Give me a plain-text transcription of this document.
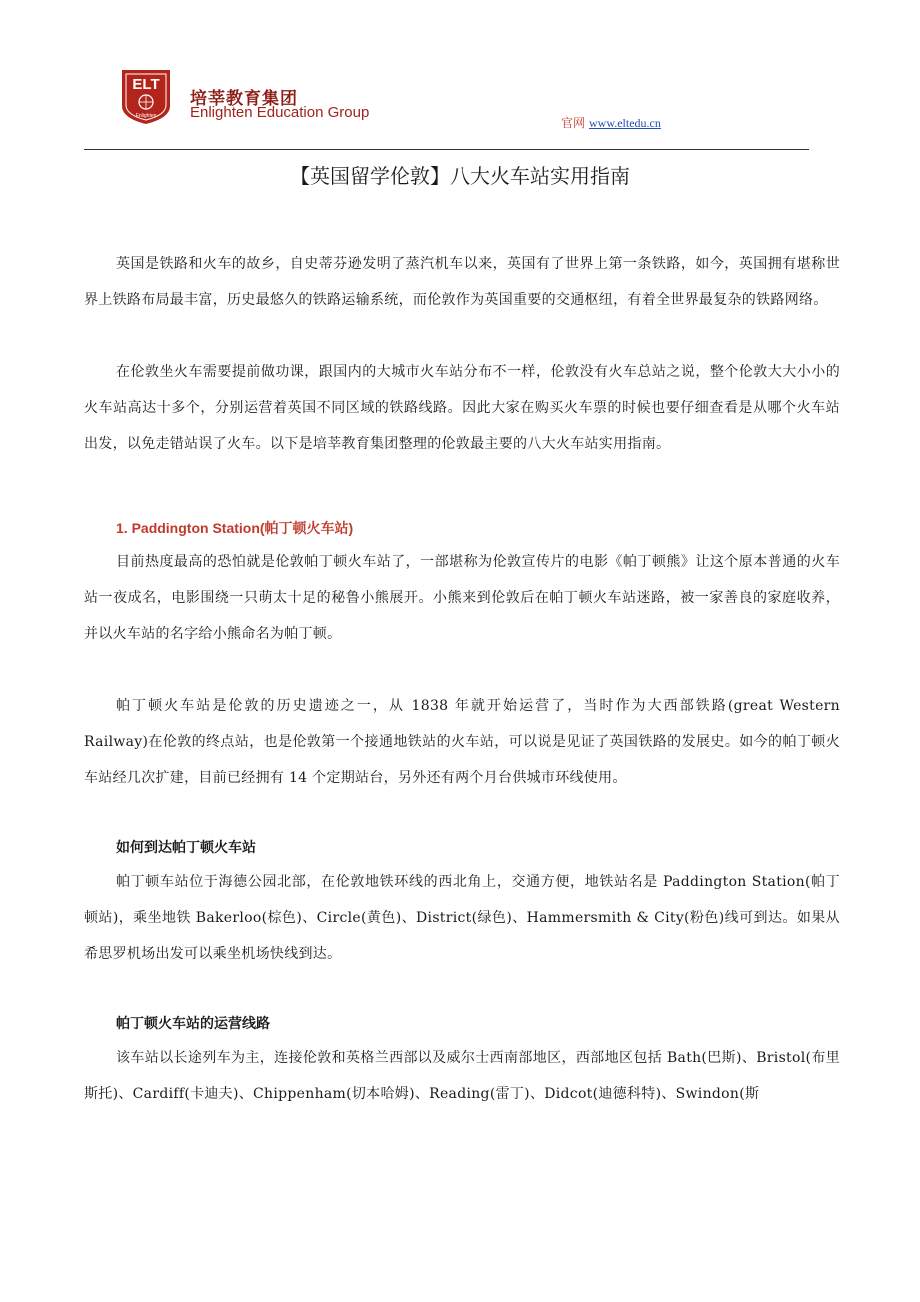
ELT
Enlighten
培莘教育集团
Enlighten Education Group
官网 www.eltedu.cn
【英国留学伦敦】八大火车站实用指南

英国是铁路和火车的故乡，自史蒂芬逊发明了蒸汽机车以来，英国有了世界上第一条铁路，如今，英国拥有堪称世界上铁路布局最丰富，历史最悠久的铁路运输系统，而伦敦作为英国重要的交通枢纽，有着全世界最复杂的铁路网络。

在伦敦坐火车需要提前做功课，跟国内的大城市火车站分布不一样，伦敦没有火车总站之说，整个伦敦大大小小的火车站高达十多个，分别运营着英国不同区域的铁路线路。因此大家在购买火车票的时候也要仔细查看是从哪个火车站出发，以免走错站误了火车。以下是培莘教育集团整理的伦敦最主要的八大火车站实用指南。

1. Paddington Station(帕丁顿火车站)

目前热度最高的恐怕就是伦敦帕丁顿火车站了，一部堪称为伦敦宣传片的电影《帕丁顿熊》让这个原本普通的火车站一夜成名，电影围绕一只萌太十足的秘鲁小熊展开。小熊来到伦敦后在帕丁顿火车站迷路，被一家善良的家庭收养，并以火车站的名字给小熊命名为帕丁顿。

帕丁顿火车站是伦敦的历史遗迹之一，从 1838 年就开始运营了，当时作为大西部铁路(great Western Railway)在伦敦的终点站，也是伦敦第一个接通地铁站的火车站，可以说是见证了英国铁路的发展史。如今的帕丁顿火车站经几次扩建，目前已经拥有 14 个定期站台，另外还有两个月台供城市环线使用。

如何到达帕丁顿火车站

帕丁顿车站位于海德公园北部，在伦敦地铁环线的西北角上，交通方便，地铁站名是 Paddington Station(帕丁顿站)，乘坐地铁 Bakerloo(棕色)、Circle(黄色)、District(绿色)、Hammersmith & City(粉色)线可到达。如果从希思罗机场出发可以乘坐机场快线到达。

帕丁顿火车站的运营线路

该车站以长途列车为主，连接伦敦和英格兰西部以及威尔士西南部地区，西部地区包括 Bath(巴斯)、Bristol(布里斯托)、Cardiff(卡迪夫)、Chippenham(切本哈姆)、Reading(雷丁)、Didcot(迪德科特)、Swindon(斯
